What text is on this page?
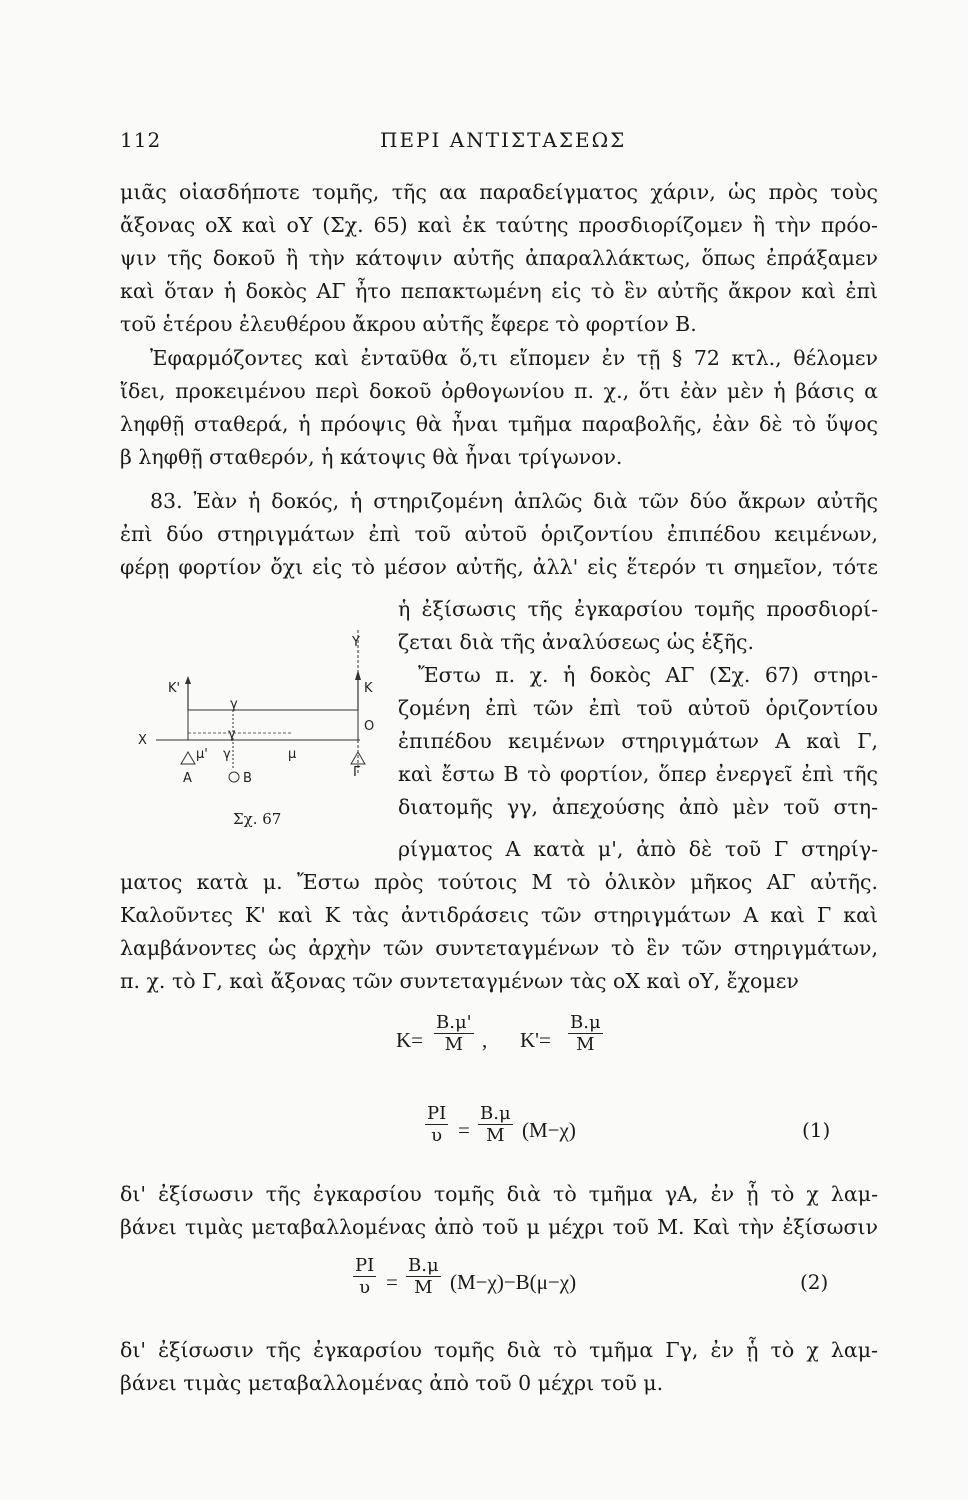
112	ΠΕΡΙ ΑΝΤΙΣΤΑΣΕΩΣ
μιᾶς οἱασδήποτε τομῆς, τῆς αα παραδείγματος χάριν, ὡς πρὸς τοὺς
ἄξονας οΧ καὶ οΥ (Σχ. 65) καὶ ἐκ ταύτης προσδιορίζομεν ἢ τὴν πρόο-
ψιν τῆς δοκοῦ ἢ τὴν κάτοψιν αὐτῆς ἀπαραλλάκτως, ὅπως ἐπράξαμεν
καὶ ὅταν ἡ δοκὸς ΑΓ ἦτο πεπακτωμένη εἰς τὸ ἓν αὐτῆς ἄκρον καὶ ἐπὶ
τοῦ ἑτέρου ἐλευθέρου ἄκρου αὐτῆς ἔφερε τὸ φορτίον Β.
Ἐφαρμόζοντες καὶ ἐνταῦθα ὅ,τι εἴπομεν ἐν τῇ § 72 κτλ., θέλομεν
ἴδει, προκειμένου περὶ δοκοῦ ὀρθογωνίου π. χ., ὅτι ἐὰν μὲν ἡ βάσις α
ληφθῇ σταθερά, ἡ πρόοψις θὰ ἦναι τμῆμα παραβολῆς, ἐὰν δὲ τὸ ὕψος
β ληφθῇ σταθερόν, ἡ κάτοψις θὰ ἦναι τρίγωνον.
83. Ἐὰν ἡ δοκός, ἡ στηριζομένη ἁπλῶς διὰ τῶν δύο ἄκρων αὐτῆς
ἐπὶ δύο στηριγμάτων ἐπὶ τοῦ αὐτοῦ ὁριζοντίου ἐπιπέδου κειμένων,
φέρῃ φορτίον ὄχι εἰς τὸ μέσον αὐτῆς, ἀλλ' εἰς ἕτερόν τι σημεῖον, τότε
ἡ ἐξίσωσις τῆς ἐγκαρσίου τομῆς προσδιορί-
ζεται διὰ τῆς ἀναλύσεως ὡς ἑξῆς.
Ἔστω π. χ. ἡ δοκὸς ΑΓ (Σχ. 67) στηρι-
ζομένη ἐπὶ τῶν ἐπὶ τοῦ αὐτοῦ ὁριζοντίου
ἐπιπέδου κειμένων στηριγμάτων Α καὶ Γ,
καὶ ἔστω Β τὸ φορτίον, ὅπερ ἐνεργεῖ ἐπὶ τῆς
διατομῆς γγ, ἀπεχούσης ἀπὸ μὲν τοῦ στη-
ρίγματος Α κατὰ μ', ἀπὸ δὲ τοῦ Γ στηρίγ-
ματος κατὰ μ. Ἔστω πρὸς τούτοις Μ τὸ ὁλικὸν μῆκος ΑΓ αὐτῆς.
Καλοῦντες Κ' καὶ Κ τὰς ἀντιδράσεις τῶν στηριγμάτων Α καὶ Γ καὶ
λαμβάνοντες ὡς ἀρχὴν τῶν συντεταγμένων τὸ ἓν τῶν στηριγμάτων,
π. χ. τὸ Γ, καὶ ἄξονας τῶν συντεταγμένων τὰς οΧ καὶ οΥ, ἔχομεν
Y
Κ'	Κ
Χ
Ο
γ
γ
μ' γ	μ
Α	Β	Γ
Σχ. 67
$K= \frac{B.\mu'}{M}$ , $K'= \frac{B.\mu}{M}$
$\frac{PI}{\upsilon} = \frac{B.\mu}{M} (M-\chi)$	(1)
δι' ἐξίσωσιν τῆς ἐγκαρσίου τομῆς διὰ τὸ τμῆμα γΑ, ἐν ᾗ τὸ χ λαμ-
βάνει τιμὰς μεταβαλλομένας ἀπὸ τοῦ μ μέχρι τοῦ Μ. Καὶ τὴν ἐξίσωσιν
$\frac{PI}{\upsilon} = \frac{B.\mu}{M} (M-\chi)-B(\mu-\chi)$	(2)
δι' ἐξίσωσιν τῆς ἐγκαρσίου τομῆς διὰ τὸ τμῆμα Γγ, ἐν ᾗ τὸ χ λαμ-
βάνει τιμὰς μεταβαλλομένας ἀπὸ τοῦ 0 μέχρι τοῦ μ.
